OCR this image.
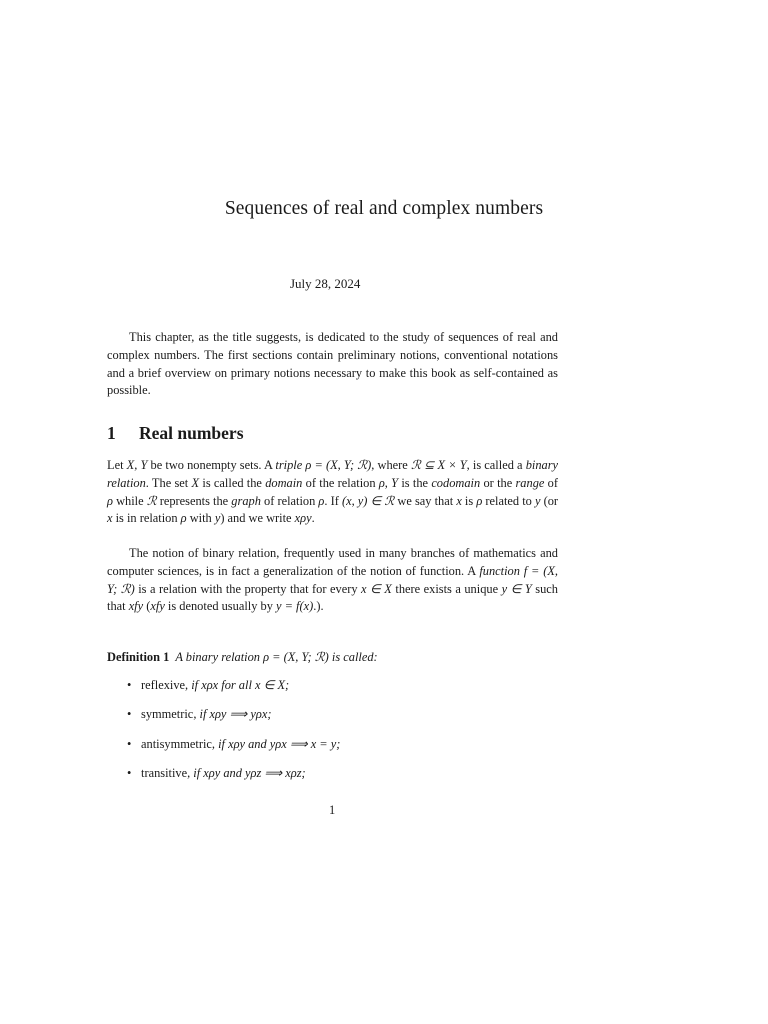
Sequences of real and complex numbers
July 28, 2024

This chapter, as the title suggests, is dedicated to the study of sequences of real and complex numbers. The first sections contain preliminary notions, conventional notations and a brief overview on primary notions necessary to make this book as self-contained as possible.

1 Real numbers

Let X, Y be two nonempty sets. A triple ρ = (X, Y; ℛ), where ℛ ⊆ X × Y, is called a binary relation. The set X is called the domain of the relation ρ, Y is the codomain or the range of ρ while ℛ represents the graph of relation ρ. If (x, y) ∈ ℛ we say that x is ρ related to y (or x is in relation ρ with y) and we write xρy.

The notion of binary relation, frequently used in many branches of mathematics and computer sciences, is in fact a generalization of the notion of function. A function f = (X, Y; ℛ) is a relation with the property that for every x ∈ X there exists a unique y ∈ Y such that xfy (xfy is denoted usually by y = f(x).).

Definition 1 A binary relation ρ = (X, Y; ℛ) is called:
• reflexive, if xρx for all x ∈ X;
• symmetric, if xρy ⟹ yρx;
• antisymmetric, if xρy and yρx ⟹ x = y;
• transitive, if xρy and yρz ⟹ xρz;
1
